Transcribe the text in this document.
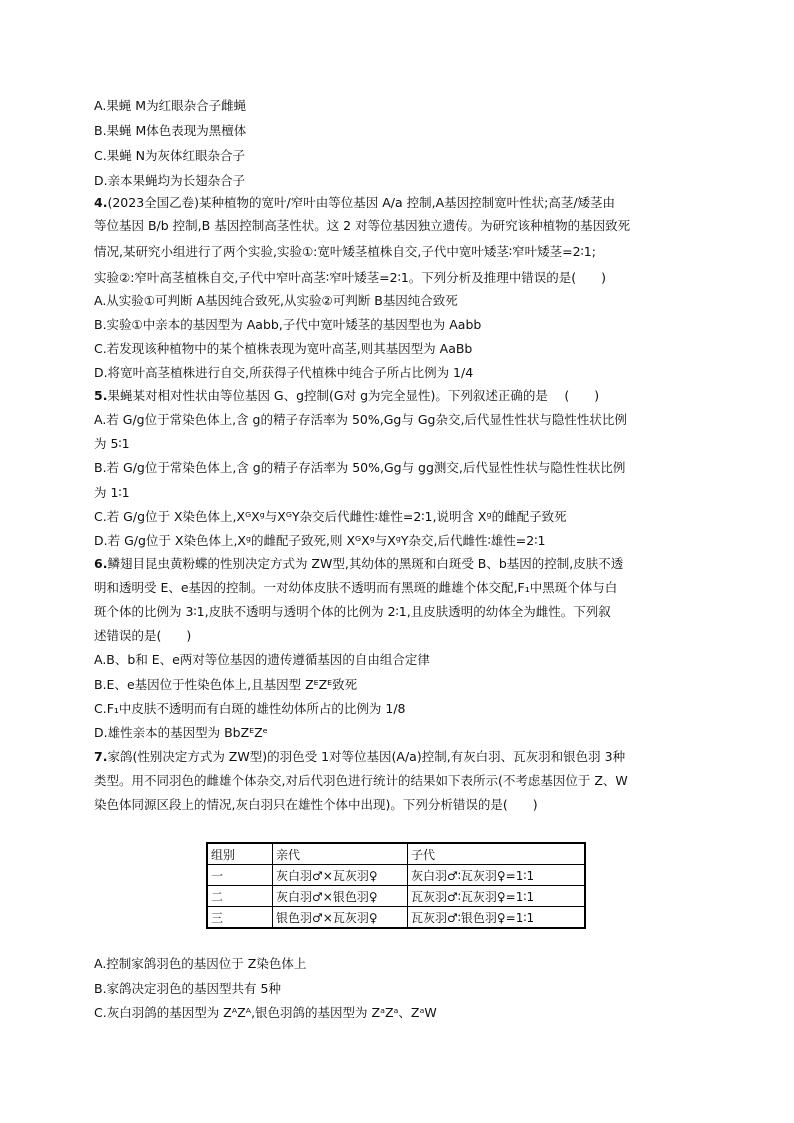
A.果蝇 M为红眼杂合子雌蝇
B.果蝇 M体色表现为黑檀体
C.果蝇 N为灰体红眼杂合子
D.亲本果蝇均为长翅杂合子
4.(2023全国乙卷)某种植物的宽叶/窄叶由等位基因 A/a 控制,A基因控制宽叶性状;高茎/矮茎由
等位基因 B/b 控制,B 基因控制高茎性状。这 2 对等位基因独立遗传。为研究该种植物的基因致死
情况,某研究小组进行了两个实验,实验①:宽叶矮茎植株自交,子代中宽叶矮茎∶窄叶矮茎=2∶1;
实验②:窄叶高茎植株自交,子代中窄叶高茎∶窄叶矮茎=2∶1。下列分析及推理中错误的是(　　)
A.从实验①可判断 A基因纯合致死,从实验②可判断 B基因纯合致死
B.实验①中亲本的基因型为 Aabb,子代中宽叶矮茎的基因型也为 Aabb
C.若发现该种植物中的某个植株表现为宽叶高茎,则其基因型为 AaBb
D.将宽叶高茎植株进行自交,所获得子代植株中纯合子所占比例为 1/4
5.果蝇某对相对性状由等位基因 G、g控制(G对 g为完全显性)。下列叙述正确的是　 (　　)
A.若 G/g位于常染色体上,含 g的精子存活率为 50%,Gg与 Gg杂交,后代显性性状与隐性性状比例
为 5∶1
B.若 G/g位于常染色体上,含 g的精子存活率为 50%,Gg与 gg测交,后代显性性状与隐性性状比例
为 1∶1
C.若 G/g位于 X染色体上,XᴳXᵍ与XᴳY杂交后代雌性∶雄性=2∶1,说明含 Xᵍ的雌配子致死
D.若 G/g位于 X染色体上,Xᵍ的雌配子致死,则 XᴳXᵍ与XᵍY杂交,后代雌性∶雄性=2∶1
6.鳞翅目昆虫黄粉蝶的性别决定方式为 ZW型,其幼体的黑斑和白斑受 B、b基因的控制,皮肤不透
明和透明受 E、e基因的控制。一对幼体皮肤不透明而有黑斑的雌雄个体交配,F₁中黑斑个体与白
斑个体的比例为 3∶1,皮肤不透明与透明个体的比例为 2∶1,且皮肤透明的幼体全为雌性。下列叙
述错误的是(　　)
A.B、b和 E、e两对等位基因的遗传遵循基因的自由组合定律
B.E、e基因位于性染色体上,且基因型 ZᴱZᴱ致死
C.F₁中皮肤不透明而有白斑的雄性幼体所占的比例为 1/8
D.雄性亲本的基因型为 BbZᴱZᵉ
7.家鸽(性别决定方式为 ZW型)的羽色受 1对等位基因(A/a)控制,有灰白羽、瓦灰羽和银色羽 3种
类型。用不同羽色的雌雄个体杂交,对后代羽色进行统计的结果如下表所示(不考虑基因位于 Z、W
染色体同源区段上的情况,灰白羽只在雄性个体中出现)。下列分析错误的是(　　)
组别	亲代	子代
一	灰白羽♂×瓦灰羽♀	灰白羽♂∶瓦灰羽♀=1∶1
二	灰白羽♂×银色羽♀	瓦灰羽♂∶瓦灰羽♀=1∶1
三	银色羽♂×瓦灰羽♀	瓦灰羽♂∶银色羽♀=1∶1
A.控制家鸽羽色的基因位于 Z染色体上
B.家鸽决定羽色的基因型共有 5种
C.灰白羽鸽的基因型为 ZᴬZᴬ,银色羽鸽的基因型为 ZᵃZᵃ、ZᵃW
